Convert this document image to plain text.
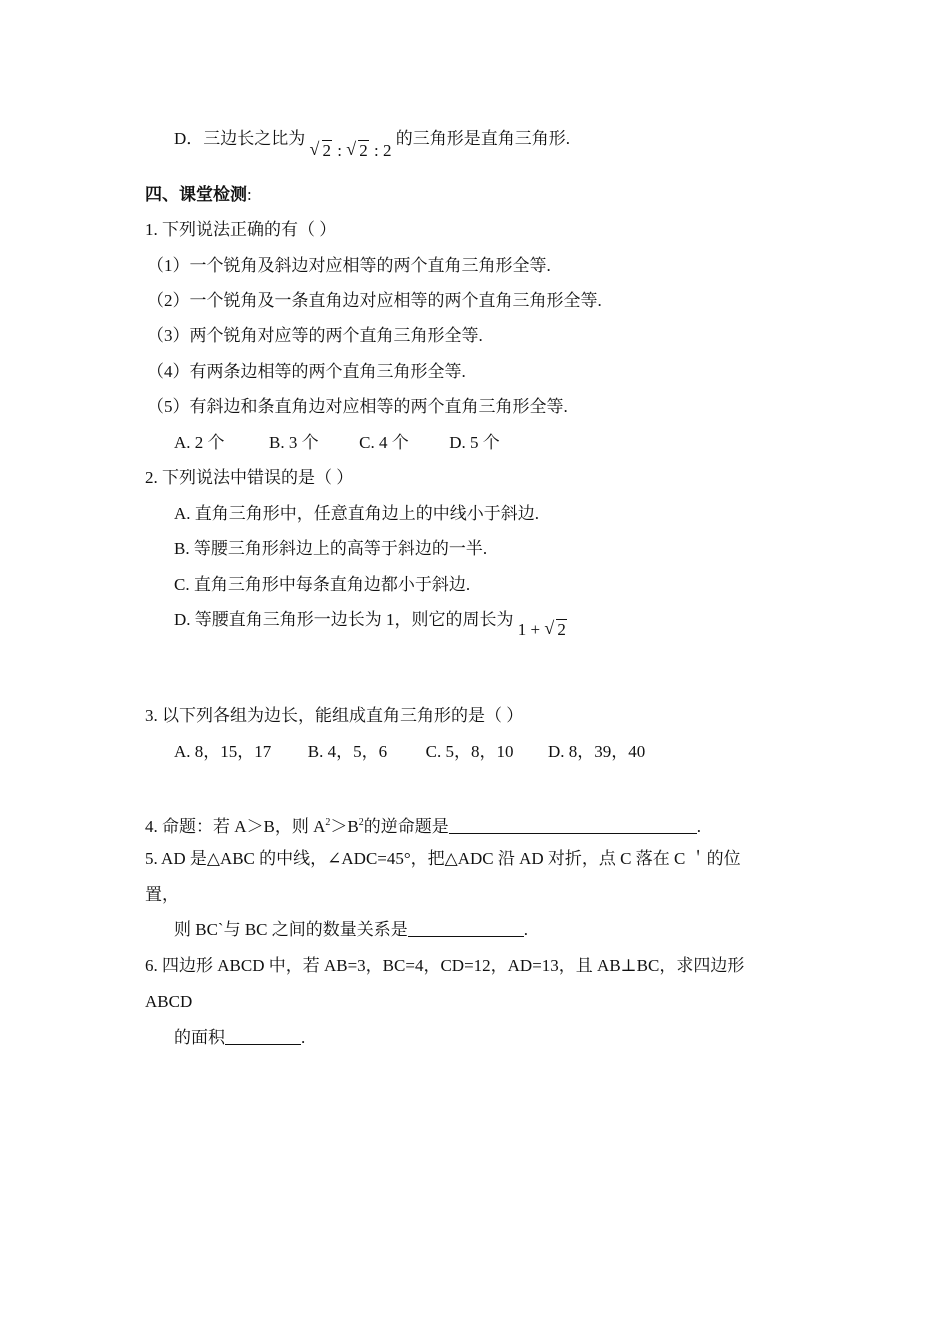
D．三边长之比为
√ 2 : √ 2 : 2 的三角形是直角三角形.
四、课堂检测:
1. 下列说法正确的有（ ）
（1）一个锐角及斜边对应相等的两个直角三角形全等.
（2）一个锐角及一条直角边对应相等的两个直角三角形全等.
（3）两个锐角对应等的两个直角三角形全等.
（4）有两条边相等的两个直角三角形全等.
（5）有斜边和条直角边对应相等的两个直角三角形全等.
A. 2 个	B. 3 个 C. 4 个 D. 5 个
2. 下列说法中错误的是（ ）
A. 直角三角形中，任意直角边上的中线小于斜边.
B. 等腰三角形斜边上的高等于斜边的一半.
C. 直角三角形中每条直角边都小于斜边.
D. 等腰直角三角形一边长为 1，则它的周长为 1 + √ 2
3. 以下列各组为边长，能组成直角三角形的是（ ）
A. 8，15，17 B. 4，5，6 C. 5，8，10 D. 8，39，40
4. 命题：若 A＞B，则 $A^2>B^2$的逆命题是	.
5. AD 是△ABC 的中线，∠ADC=45°，把△ADC 沿 AD 对折，点 C 落在 C ＇的位
置，
则 BC`与 BC 之间的数量关系是	.
6. 四边形 ABCD 中，若 AB=3，BC=4，CD=12，AD=13，且 AB⊥BC，求四边形
ABCD
的面积	.
